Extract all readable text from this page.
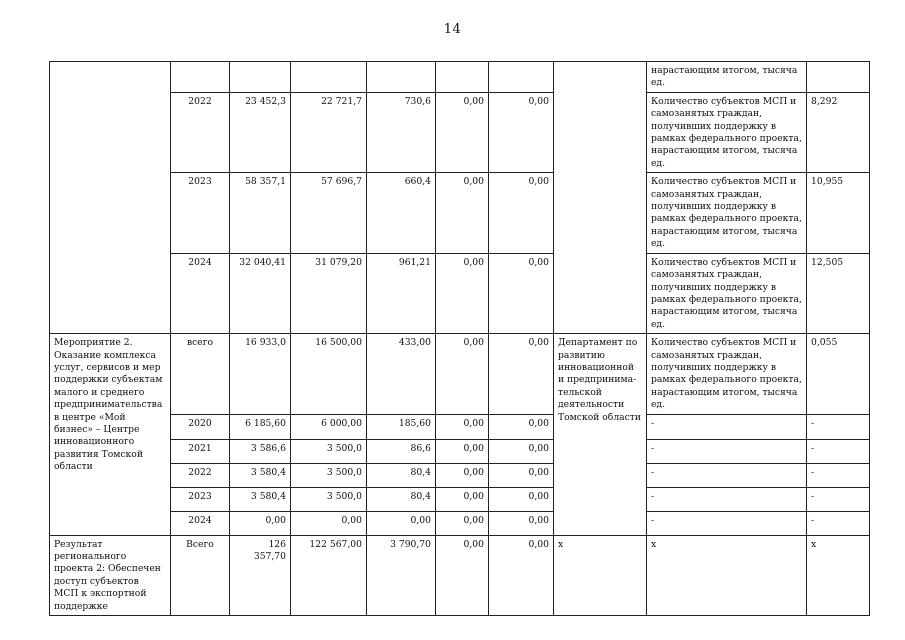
14
								нарастающим итогом, тысяча ед.	
	2022	23 452,3	22 721,7	730,6	0,00	0,00		Количество субъектов МСП и самозанятых граждан, получивших поддержку в рамках федерального проекта, нарастающим итогом, тысяча ед.	8,292
	2023	58 357,1	57 696,7	660,4	0,00	0,00		Количество субъектов МСП и самозанятых граждан, получивших поддержку в рамках федерального проекта, нарастающим итогом, тысяча ед.	10,955
	2024	32 040,41	31 079,20	961,21	0,00	0,00		Количество субъектов МСП и самозанятых граждан, получивших поддержку в рамках федерального проекта, нарастающим итогом, тысяча ед.	12,505
Мероприятие 2. Оказание комплекса услуг, сервисов и мер поддержки субъектам малого и среднего предпринимательства в центре «Мой бизнес» – Центре инновационного развития Томской области	всего	16 933,0	16 500,00	433,00	0,00	0,00	Департамент по развитию инновационной и предпринима-тельской деятельности Томской области	Количество субъектов МСП и самозанятых граждан, получивших поддержку в рамках федерального проекта, нарастающим итогом, тысяча ед.	0,055
	2020	6 185,60	6 000,00	185,60	0,00	0,00		-	-
	2021	3 586,6	3 500,0	86,6	0,00	0,00		-	-
	2022	3 580,4	3 500,0	80,4	0,00	0,00		-	-
	2023	3 580,4	3 500,0	80,4	0,00	0,00		-	-
	2024	0,00	0,00	0,00	0,00	0,00		-	-
Результат регионального проекта 2: Обеспечен доступ субъектов МСП к экспортной поддержке	Всего	126 357,70	122 567,00	3 790,70	0,00	0,00	х	х	х
